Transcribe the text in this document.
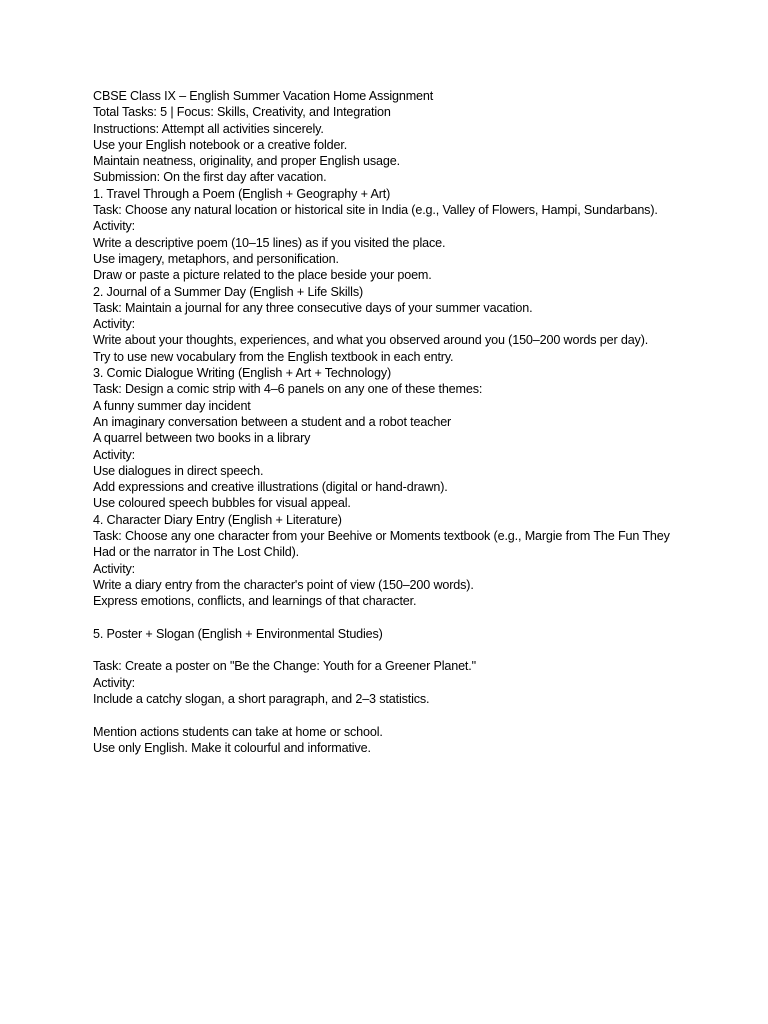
CBSE Class IX – English Summer Vacation Home Assignment
Total Tasks: 5 | Focus: Skills, Creativity, and Integration
Instructions: Attempt all activities sincerely.
Use your English notebook or a creative folder.
Maintain neatness, originality, and proper English usage.
Submission: On the first day after vacation.
1. Travel Through a Poem (English + Geography + Art)
Task: Choose any natural location or historical site in India (e.g., Valley of Flowers, Hampi, Sundarbans).
Activity:
Write a descriptive poem (10–15 lines) as if you visited the place.
Use imagery, metaphors, and personification.
Draw or paste a picture related to the place beside your poem.
2. Journal of a Summer Day (English + Life Skills)
Task: Maintain a journal for any three consecutive days of your summer vacation.
Activity:
Write about your thoughts, experiences, and what you observed around you (150–200 words per day).
Try to use new vocabulary from the English textbook in each entry.
3. Comic Dialogue Writing (English + Art + Technology)
Task: Design a comic strip with 4–6 panels on any one of these themes:
A funny summer day incident
An imaginary conversation between a student and a robot teacher
A quarrel between two books in a library
Activity:
Use dialogues in direct speech.
Add expressions and creative illustrations (digital or hand-drawn).
Use coloured speech bubbles for visual appeal.
4. Character Diary Entry (English + Literature)
Task: Choose any one character from your Beehive or Moments textbook (e.g., Margie from The Fun They Had or the narrator in The Lost Child).
Activity:
Write a diary entry from the character's point of view (150–200 words).
Express emotions, conflicts, and learnings of that character.
5. Poster + Slogan (English + Environmental Studies)
Task: Create a poster on "Be the Change: Youth for a Greener Planet."
Activity:
Include a catchy slogan, a short paragraph, and 2–3 statistics.
Mention actions students can take at home or school.
Use only English. Make it colourful and informative.
